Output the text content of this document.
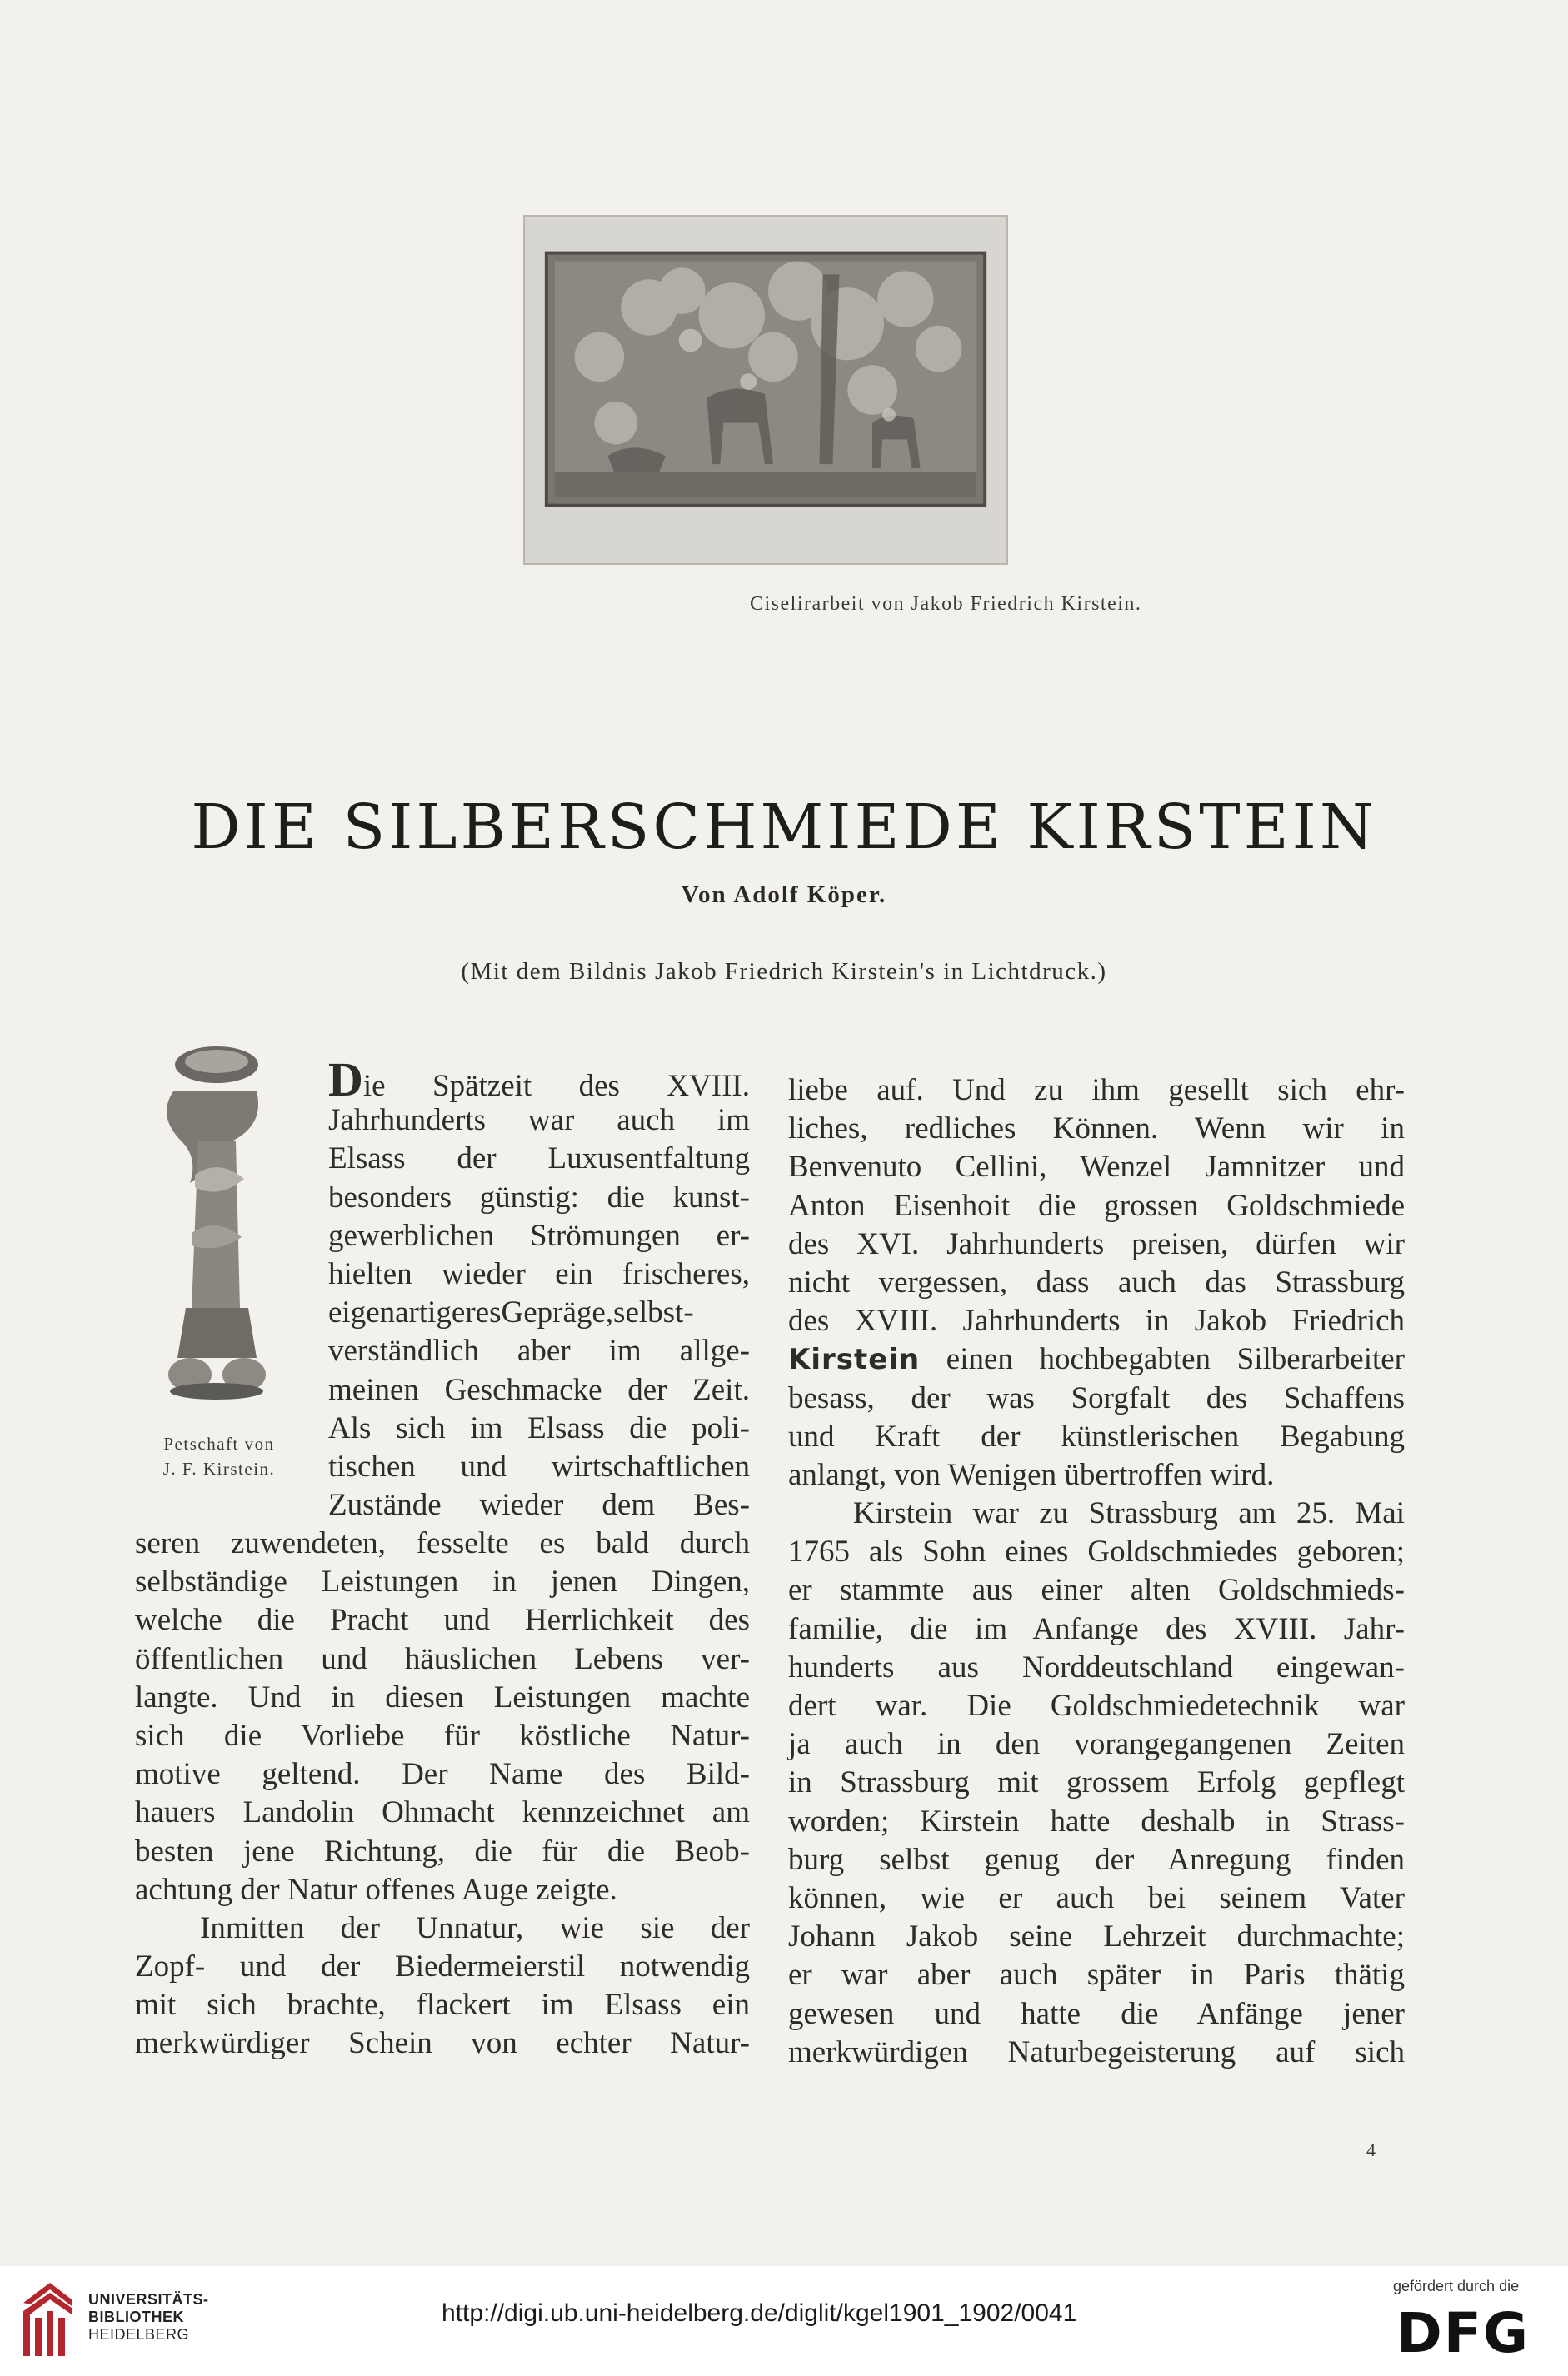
Ciselirarbeit von Jakob Friedrich Kirstein.
DIE SILBERSCHMIEDE KIRSTEIN
Von Adolf Köper.
(Mit dem Bildnis Jakob Friedrich Kirstein's in Lichtdruck.)
Petschaft von
J. F. Kirstein.
Die Spätzeit des XVIII.
Jahrhunderts war auch im
Elsass der Luxusentfaltung
besonders günstig: die kunst-
gewerblichen Strömungen er-
hielten wieder ein frischeres,
eigenartigeresGepräge,selbst-
verständlich aber im allge-
meinen Geschmacke der Zeit.
Als sich im Elsass die poli-
tischen und wirtschaftlichen
Zustände wieder dem Bes-
seren zuwendeten, fesselte es bald durch
selbständige Leistungen in jenen Dingen,
welche die Pracht und Herrlichkeit des
öffentlichen und häuslichen Lebens ver-
langte. Und in diesen Leistungen machte
sich die Vorliebe für köstliche Natur-
motive geltend. Der Name des Bild-
hauers Landolin Ohmacht kennzeichnet am
besten jene Richtung, die für die Beob-
achtung der Natur offenes Auge zeigte.
Inmitten der Unnatur, wie sie der
Zopf- und der Biedermeierstil notwendig
mit sich brachte, flackert im Elsass ein
merkwürdiger Schein von echter Natur-
liebe auf. Und zu ihm gesellt sich ehr-
liches, redliches Können. Wenn wir in
Benvenuto Cellini, Wenzel Jamnitzer und
Anton Eisenhoit die grossen Goldschmiede
des XVI. Jahrhunderts preisen, dürfen wir
nicht vergessen, dass auch das Strassburg
des XVIII. Jahrhunderts in Jakob Friedrich
Kirstein einen hochbegabten Silberarbeiter
besass, der was Sorgfalt des Schaffens
und Kraft der künstlerischen Begabung
anlangt, von Wenigen übertroffen wird.
Kirstein war zu Strassburg am 25. Mai
1765 als Sohn eines Goldschmiedes geboren;
er stammte aus einer alten Goldschmieds-
familie, die im Anfange des XVIII. Jahr-
hunderts aus Norddeutschland eingewan-
dert war. Die Goldschmiedetechnik war
ja auch in den vorangegangenen Zeiten
in Strassburg mit grossem Erfolg gepflegt
worden; Kirstein hatte deshalb in Strass-
burg selbst genug der Anregung finden
können, wie er auch bei seinem Vater
Johann Jakob seine Lehrzeit durchmachte;
er war aber auch später in Paris thätig
gewesen und hatte die Anfänge jener
merkwürdigen Naturbegeisterung auf sich
4
UNIVERSITÄTS-
BIBLIOTHEK
HEIDELBERG
http://digi.ub.uni-heidelberg.de/diglit/kgel1901_1902/0041
gefördert durch die
DFG
